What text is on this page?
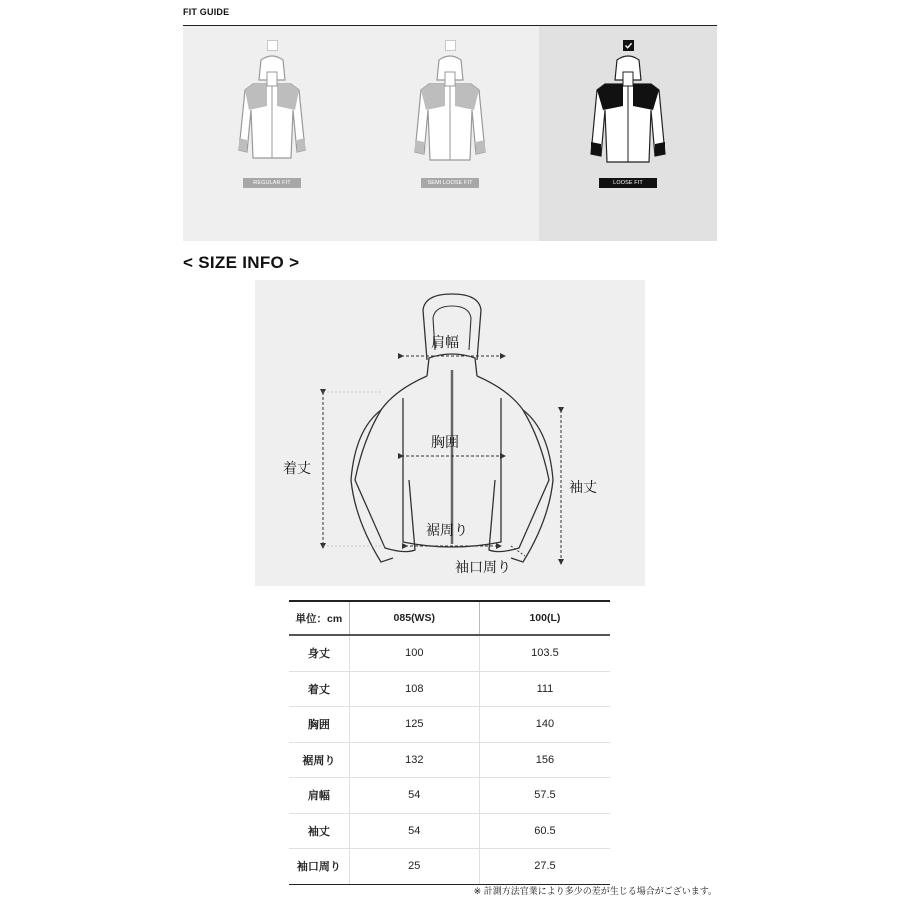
FIT GUIDE
REGULAR FIT	SEMI LOOSE FIT	LOOSE FIT
< SIZE INFO >
肩幅
胸囲
着丈
袖丈
裾周り
袖口周り
単位：cm	085(WS)	100(L)
身丈	100	103.5
着丈	108	111
胸囲	125	140
裾周り	132	156
肩幅	54	57.5
袖丈	54	60.5
袖口周り	25	27.5
※ 計測方法官業により多少の差が生じる場合がございます。
